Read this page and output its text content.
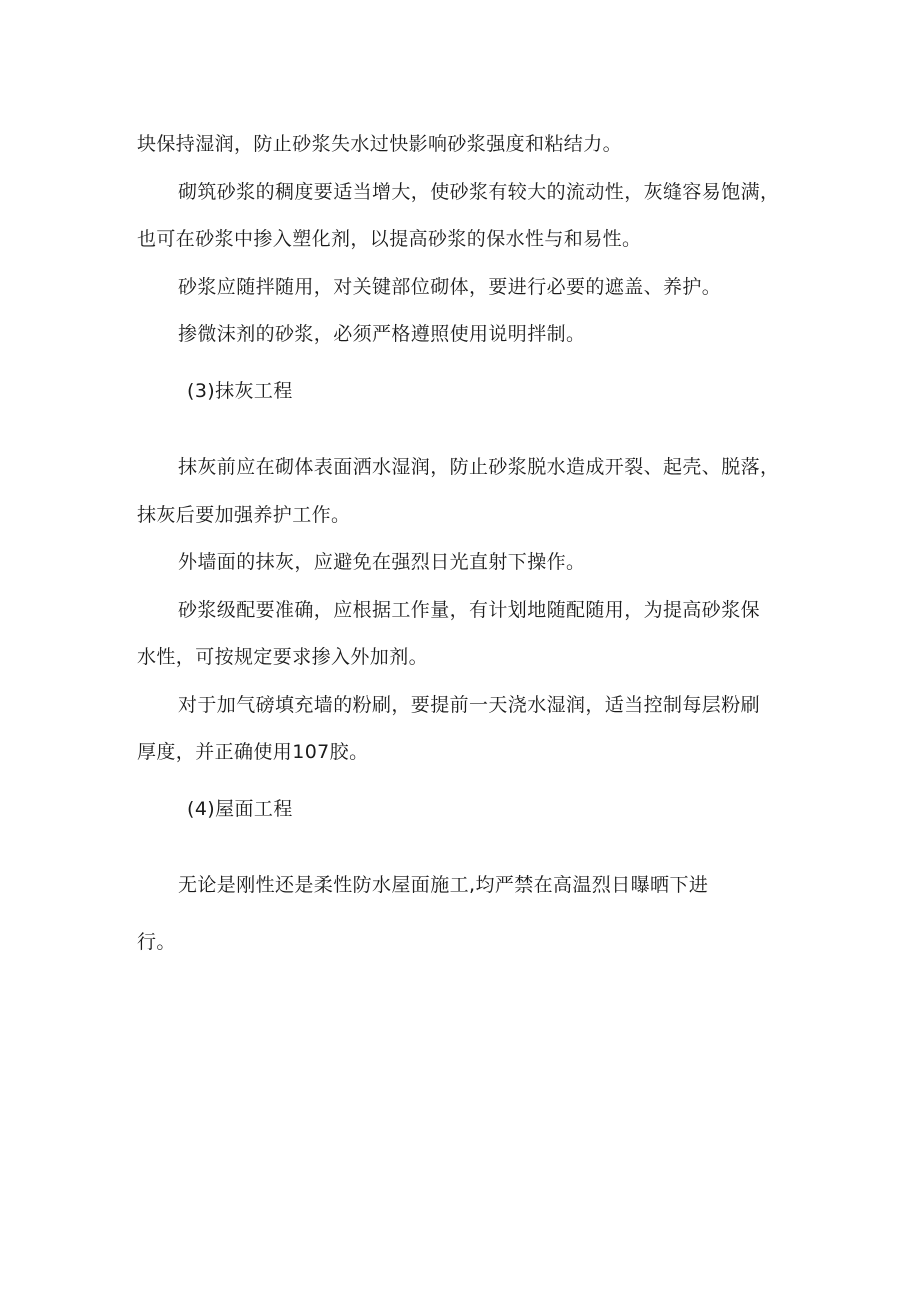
块保持湿润，防止砂浆失水过快影响砂浆强度和粘结力。
砌筑砂浆的稠度要适当增大，使砂浆有较大的流动性，灰缝容易饱满，
也可在砂浆中掺入塑化剂，以提高砂浆的保水性与和易性。
砂浆应随拌随用，对关键部位砌体，要进行必要的遮盖、养护。
掺微沫剂的砂浆，必须严格遵照使用说明拌制。
(3)抹灰工程
抹灰前应在砌体表面洒水湿润，防止砂浆脱水造成开裂、起壳、脱落，
抹灰后要加强养护工作。
外墙面的抹灰，应避免在强烈日光直射下操作。
砂浆级配要准确，应根据工作量，有计划地随配随用，为提高砂浆保
水性，可按规定要求掺入外加剂。
对于加气磅填充墙的粉刷，要提前一天浇水湿润，适当控制每层粉刷
厚度，并正确使用107胶。
(4)屋面工程
无论是刚性还是柔性防水屋面施工,均严禁在高温烈日曝晒下进
行。
